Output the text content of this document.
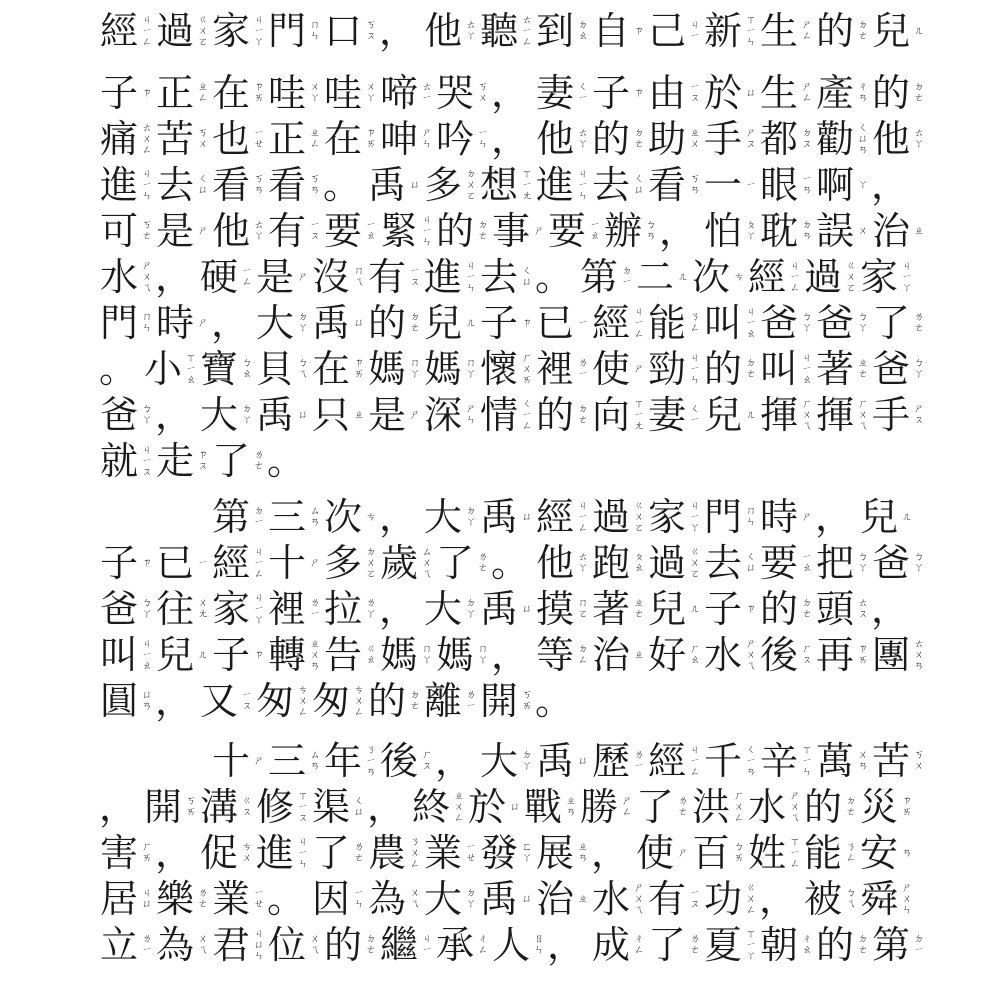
經 ㄐ
ㄧ
ㄥ 過 ㄍ
ㄨ
ㄛ 家 ㄐ
ㄧ
ㄚ 門 ㄇ
ㄣ 口 ㄎ
ㄡ ， 他 ㄊ
ㄚ 聽 ㄊ
ㄧ
ㄥ 到 ㄉ
ㄠ 自 ㄗ 己 ㄐ
ㄧ 新 ㄒ
ㄧ
ㄣ 生 ㄕ
ㄥ 的 ㄉ
ㄜ 兒 ㄦ
子 ㄗ 正 ㄓ
ㄥ 在 ㄗ
ㄞ 哇 ㄨ
ㄚ 哇 ㄨ
ㄚ 啼 ㄊ
ㄧ 哭 ㄎ
ㄨ ， 妻 ㄑ
ㄧ 子 ㄗ 由 ㄧ
ㄡ 於 ㄩ 生 ㄕ
ㄥ 產 ㄔ
ㄢ 的 ㄉ
ㄜ
痛 ㄊ
ㄨ
ㄥ 苦 ㄎ
ㄨ 也 ㄧ
ㄝ 正 ㄓ
ㄥ 在 ㄗ
ㄞ 呻 ㄕ
ㄣ 吟 ㄧ
ㄣ ， 他 ㄊ
ㄚ 的 ㄉ
ㄜ 助 ㄓ
ㄨ 手 ㄕ
ㄡ 都 ㄉ
ㄡ 勸 ㄑ
ㄩ
ㄢ 他 ㄊ
ㄚ
進 ㄐ
ㄧ
ㄣ 去 ㄑ
ㄩ 看 ㄎ
ㄢ 看 ㄎ
ㄢ 。 禹 ㄩ 多 ㄉ
ㄨ
ㄛ 想 ㄒ
ㄧ
ㄤ 進 ㄐ
ㄧ
ㄣ 去 ㄑ
ㄩ 看 ㄎ
ㄢ 一 ㄧ 眼 ㄧ
ㄢ 啊 ㄚ ，
可 ㄎ
ㄜ 是 ㄕ 他 ㄊ
ㄚ 有 ㄧ
ㄡ 要 ㄧ
ㄠ 緊 ㄐ
ㄧ
ㄣ 的 ㄉ
ㄜ 事 ㄕ 要 ㄧ
ㄠ 辦 ㄅ
ㄢ ， 怕 ㄆ
ㄚ 耽 ㄉ
ㄢ 誤 ㄨ 治 ㄓ
水 ㄕ
ㄨ
ㄟ ， 硬 ㄧ
ㄥ 是 ㄕ 沒 ㄇ
ㄟ 有 ㄧ
ㄡ 進 ㄐ
ㄧ
ㄣ 去 ㄑ
ㄩ 。 第 ㄉ
ㄧ 二 ㄦ 次 ㄘ 經 ㄐ
ㄧ
ㄥ 過 ㄍ
ㄨ
ㄛ 家 ㄐ
ㄧ
ㄚ
門 ㄇ
ㄣ 時 ㄕ ， 大 ㄉ
ㄚ 禹 ㄩ 的 ㄉ
ㄜ 兒 ㄦ 子 ㄗ 已 ㄧ 經 ㄐ
ㄧ
ㄥ 能 ㄋ
ㄥ 叫 ㄐ
ㄧ
ㄠ 爸 ㄅ
ㄚ 爸 ㄅ
ㄚ 了 ㄌ
ㄜ
。 小 ㄒ
ㄧ
ㄠ 寶 ㄅ
ㄠ 貝 ㄅ
ㄟ 在 ㄗ
ㄞ 媽 ㄇ
ㄚ 媽 ㄇ
ㄚ 懷 ㄏ
ㄨ
ㄞ 裡 ㄌ
ㄧ 使 ㄕ 勁 ㄐ
ㄧ
ㄣ 的 ㄉ
ㄜ 叫 ㄐ
ㄧ
ㄠ 著 ㄓ
ㄜ 爸 ㄅ
ㄚ
爸 ㄅ
ㄚ ， 大 ㄉ
ㄚ 禹 ㄩ 只 ㄓ 是 ㄕ 深 ㄕ
ㄣ 情 ㄑ
ㄧ
ㄥ 的 ㄉ
ㄜ 向 ㄒ
ㄧ
ㄤ 妻 ㄑ
ㄧ 兒 ㄦ 揮 ㄏ
ㄨ
ㄟ 揮 ㄏ
ㄨ
ㄟ 手 ㄕ
ㄡ
就 ㄐ
ㄧ
ㄡ 走 ㄗ
ㄡ 了 ㄌ
ㄜ 。
第 ㄉ
ㄧ 三 ㄙ
ㄢ 次 ㄘ ， 大 ㄉ
ㄚ 禹 ㄩ 經 ㄐ
ㄧ
ㄥ 過 ㄍ
ㄨ
ㄛ 家 ㄐ
ㄧ
ㄚ 門 ㄇ
ㄣ 時 ㄕ ， 兒 ㄦ
子 ㄗ 已 ㄧ 經 ㄐ
ㄧ
ㄥ 十 ㄕ 多 ㄉ
ㄨ
ㄛ 歲 ㄙ
ㄨ
ㄟ 了 ㄌ
ㄜ 。 他 ㄊ
ㄚ 跑 ㄆ
ㄠ 過 ㄍ
ㄨ
ㄛ 去 ㄑ
ㄩ 要 ㄧ
ㄠ 把 ㄅ
ㄚ 爸 ㄅ
ㄚ
爸 ㄅ
ㄚ 往 ㄨ
ㄤ 家 ㄐ
ㄧ
ㄚ 裡 ㄌ
ㄧ 拉 ㄌ
ㄚ ， 大 ㄉ
ㄚ 禹 ㄩ 摸 ㄇ
ㄛ 著 ㄓ
ㄜ 兒 ㄦ 子 ㄗ 的 ㄉ
ㄜ 頭 ㄊ
ㄡ ，
叫 ㄐ
ㄧ
ㄠ 兒 ㄦ 子 ㄗ 轉 ㄓ
ㄨ
ㄢ 告 ㄍ
ㄠ 媽 ㄇ
ㄚ 媽 ㄇ
ㄚ ， 等 ㄉ
ㄥ 治 ㄓ 好 ㄏ
ㄠ 水 ㄕ
ㄨ
ㄟ 後 ㄏ
ㄡ 再 ㄗ
ㄞ 團 ㄊ
ㄨ
ㄢ
圓 ㄩ
ㄢ ， 又 ㄧ
ㄡ 匆 ㄘ
ㄨ
ㄥ 匆 ㄘ
ㄨ
ㄥ 的 ㄉ
ㄜ 離 ㄌ
ㄧ 開 ㄎ
ㄞ 。
十 ㄕ 三 ㄙ
ㄢ 年 ㄋ
ㄧ
ㄢ 後 ㄏ
ㄡ ， 大 ㄉ
ㄚ 禹 ㄩ 歷 ㄌ
ㄧ 經 ㄐ
ㄧ
ㄥ 千 ㄑ
ㄧ
ㄢ 辛 ㄒ
ㄧ
ㄣ 萬 ㄨ
ㄢ 苦 ㄎ
ㄨ
， 開 ㄎ
ㄞ 溝 ㄍ
ㄡ 修 ㄒ
ㄧ
ㄡ 渠 ㄑ
ㄩ ， 終 ㄓ
ㄨ
ㄥ 於 ㄩ 戰 ㄓ
ㄢ 勝 ㄕ
ㄥ 了 ㄌ
ㄜ 洪 ㄏ
ㄨ
ㄥ 水 ㄕ
ㄨ
ㄟ 的 ㄉ
ㄜ 災 ㄗ
ㄞ
害 ㄏ
ㄞ ， 促 ㄘ
ㄨ 進 ㄐ
ㄧ
ㄣ 了 ㄌ
ㄜ 農 ㄋ
ㄨ
ㄥ 業 ㄧ
ㄝ 發 ㄈ
ㄚ 展 ㄓ
ㄢ ， 使 ㄕ 百 ㄅ
ㄞ 姓 ㄒ
ㄧ
ㄥ 能 ㄋ
ㄥ 安 ㄢ
居 ㄐ
ㄩ 樂 ㄌ
ㄜ 業 ㄧ
ㄝ 。 因 ㄧ
ㄣ 為 ㄨ
ㄟ 大 ㄉ
ㄚ 禹 ㄩ 治 ㄓ 水 ㄕ
ㄨ
ㄟ 有 ㄧ
ㄡ 功 ㄍ
ㄨ
ㄥ ， 被 ㄅ
ㄟ 舜 ㄕ
ㄨ
ㄣ
立 ㄌ
ㄧ 為 ㄨ
ㄟ 君 ㄐ
ㄩ
ㄣ 位 ㄨ
ㄟ 的 ㄉ
ㄜ 繼 ㄐ
ㄧ 承 ㄔ
ㄥ 人 ㄖ
ㄣ ， 成 ㄔ
ㄥ 了 ㄌ
ㄜ 夏 ㄒ
ㄧ
ㄚ 朝 ㄔ
ㄠ 的 ㄉ
ㄜ 第 ㄉ
ㄧ
